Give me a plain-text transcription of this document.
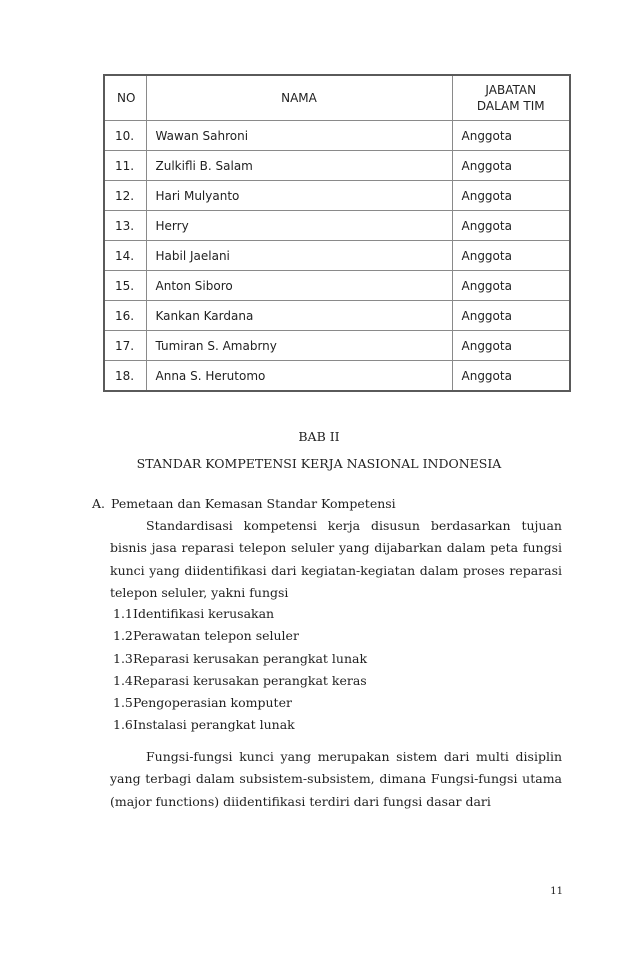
NO	NAMA	JABATAN
DALAM TIM
10.	Wawan Sahroni	Anggota
11.	Zulkifli B. Salam	Anggota
12.	Hari Mulyanto	Anggota
13.	Herry	Anggota
14.	Habil Jaelani	Anggota
15.	Anton Siboro	Anggota
16.	Kankan Kardana	Anggota
17.	Tumiran S. Amabrny	Anggota
18.	Anna S. Herutomo	Anggota
BAB II
STANDAR KOMPETENSI KERJA NASIONAL INDONESIA
A. Pemetaan dan Kemasan Standar Kompetensi

Standardisasi kompetensi kerja disusun berdasarkan tujuan bisnis jasa reparasi telepon seluler yang dijabarkan dalam peta fungsi kunci yang diidentifikasi dari kegiatan-kegiatan dalam proses reparasi telepon seluler, yakni fungsi

1.1Identifikasi kerusakan
1.2Perawatan telepon seluler
1.3Reparasi kerusakan perangkat lunak
1.4Reparasi kerusakan perangkat keras
1.5Pengoperasian komputer
1.6Instalasi perangkat lunak

Fungsi-fungsi kunci yang merupakan sistem dari multi disiplin yang terbagi dalam subsistem-subsistem, dimana Fungsi-fungsi utama (major functions) diidentifikasi terdiri dari fungsi dasar dari

11
